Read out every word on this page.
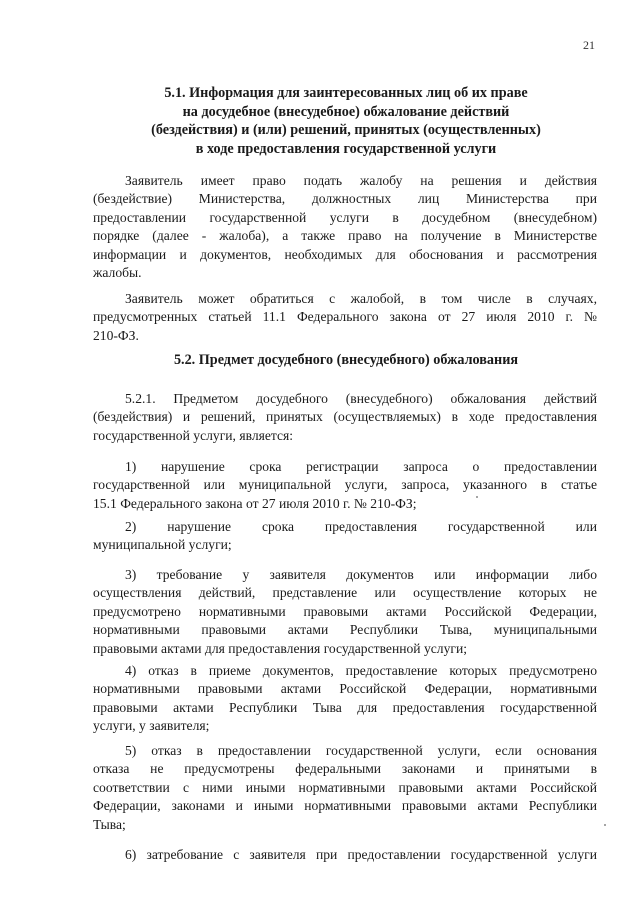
21
5.1. Информация для заинтересованных лиц об их праве
на досудебное (внесудебное) обжалование действий
(бездействия) и (или) решений, принятых (осуществленных)
в ходе предоставления государственной услуги
Заявитель имеет право подать жалобу на решения и действия
(бездействие) Министерства, должностных лиц Министерства при
предоставлении государственной услуги в досудебном (внесудебном)
порядке (далее - жалоба), а также право на получение в Министерстве
информации и документов, необходимых для обоснования и рассмотрения
жалобы.
Заявитель может обратиться с жалобой, в том числе в случаях,
предусмотренных статьей 11.1 Федерального закона от 27 июля 2010 г. №
210-ФЗ.
5.2. Предмет досудебного (внесудебного) обжалования
5.2.1. Предметом досудебного (внесудебного) обжалования действий
(бездействия) и решений, принятых (осуществляемых) в ходе предоставления
государственной услуги, является:
1) нарушение срока регистрации запроса о предоставлении
государственной или муниципальной услуги, запроса, указанного в статье
15.1 Федерального закона от 27 июля 2010 г. № 210-ФЗ;
2) нарушение срока предоставления государственной или
муниципальной услуги;
3) требование у заявителя документов или информации либо
осуществления действий, представление или осуществление которых не
предусмотрено нормативными правовыми актами Российской Федерации,
нормативными правовыми актами Республики Тыва, муниципальными
правовыми актами для предоставления государственной услуги;
4) отказ в приеме документов, предоставление которых предусмотрено
нормативными правовыми актами Российской Федерации, нормативными
правовыми актами Республики Тыва для предоставления государственной
услуги, у заявителя;
5) отказ в предоставлении государственной услуги, если основания
отказа не предусмотрены федеральными законами и принятыми в
соответствии с ними иными нормативными правовыми актами Российской
Федерации, законами и иными нормативными правовыми актами Республики
Тыва;
6) затребование с заявителя при предоставлении государственной услуги
